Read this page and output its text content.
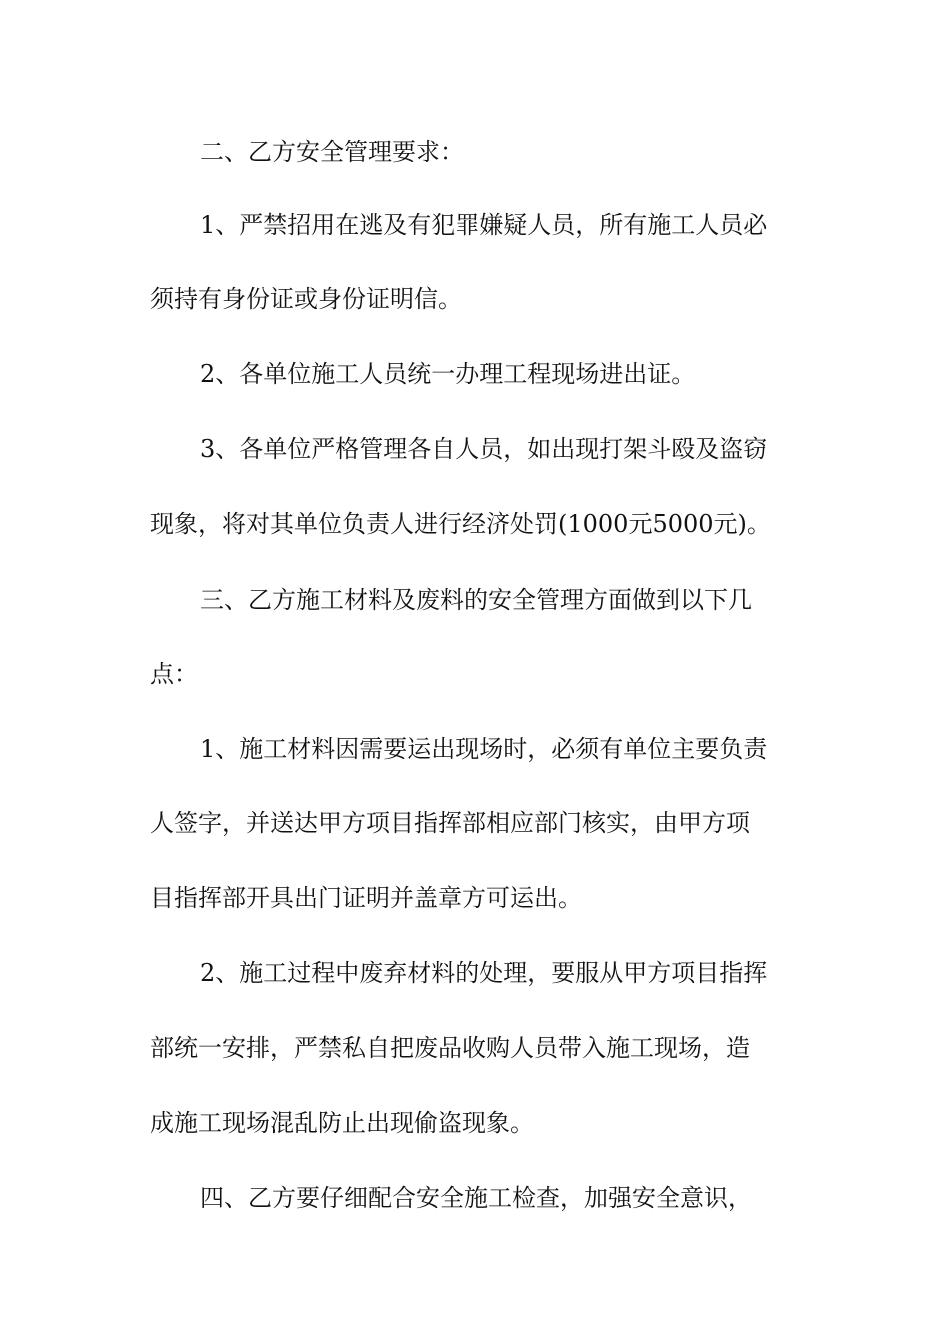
二、乙方安全管理要求：
1、严禁招用在逃及有犯罪嫌疑人员，所有施工人员必
须持有身份证或身份证明信。
2、各单位施工人员统一办理工程现场进出证。
3、各单位严格管理各自人员，如出现打架斗殴及盗窃
现象，将对其单位负责人进行经济处罚(1000元5000元)。
三、乙方施工材料及废料的安全管理方面做到以下几
点：
1、施工材料因需要运出现场时，必须有单位主要负责
人签字，并送达甲方项目指挥部相应部门核实，由甲方项
目指挥部开具出门证明并盖章方可运出。
2、施工过程中废弃材料的处理，要服从甲方项目指挥
部统一安排，严禁私自把废品收购人员带入施工现场，造
成施工现场混乱防止出现偷盗现象。
四、乙方要仔细配合安全施工检查，加强安全意识，
